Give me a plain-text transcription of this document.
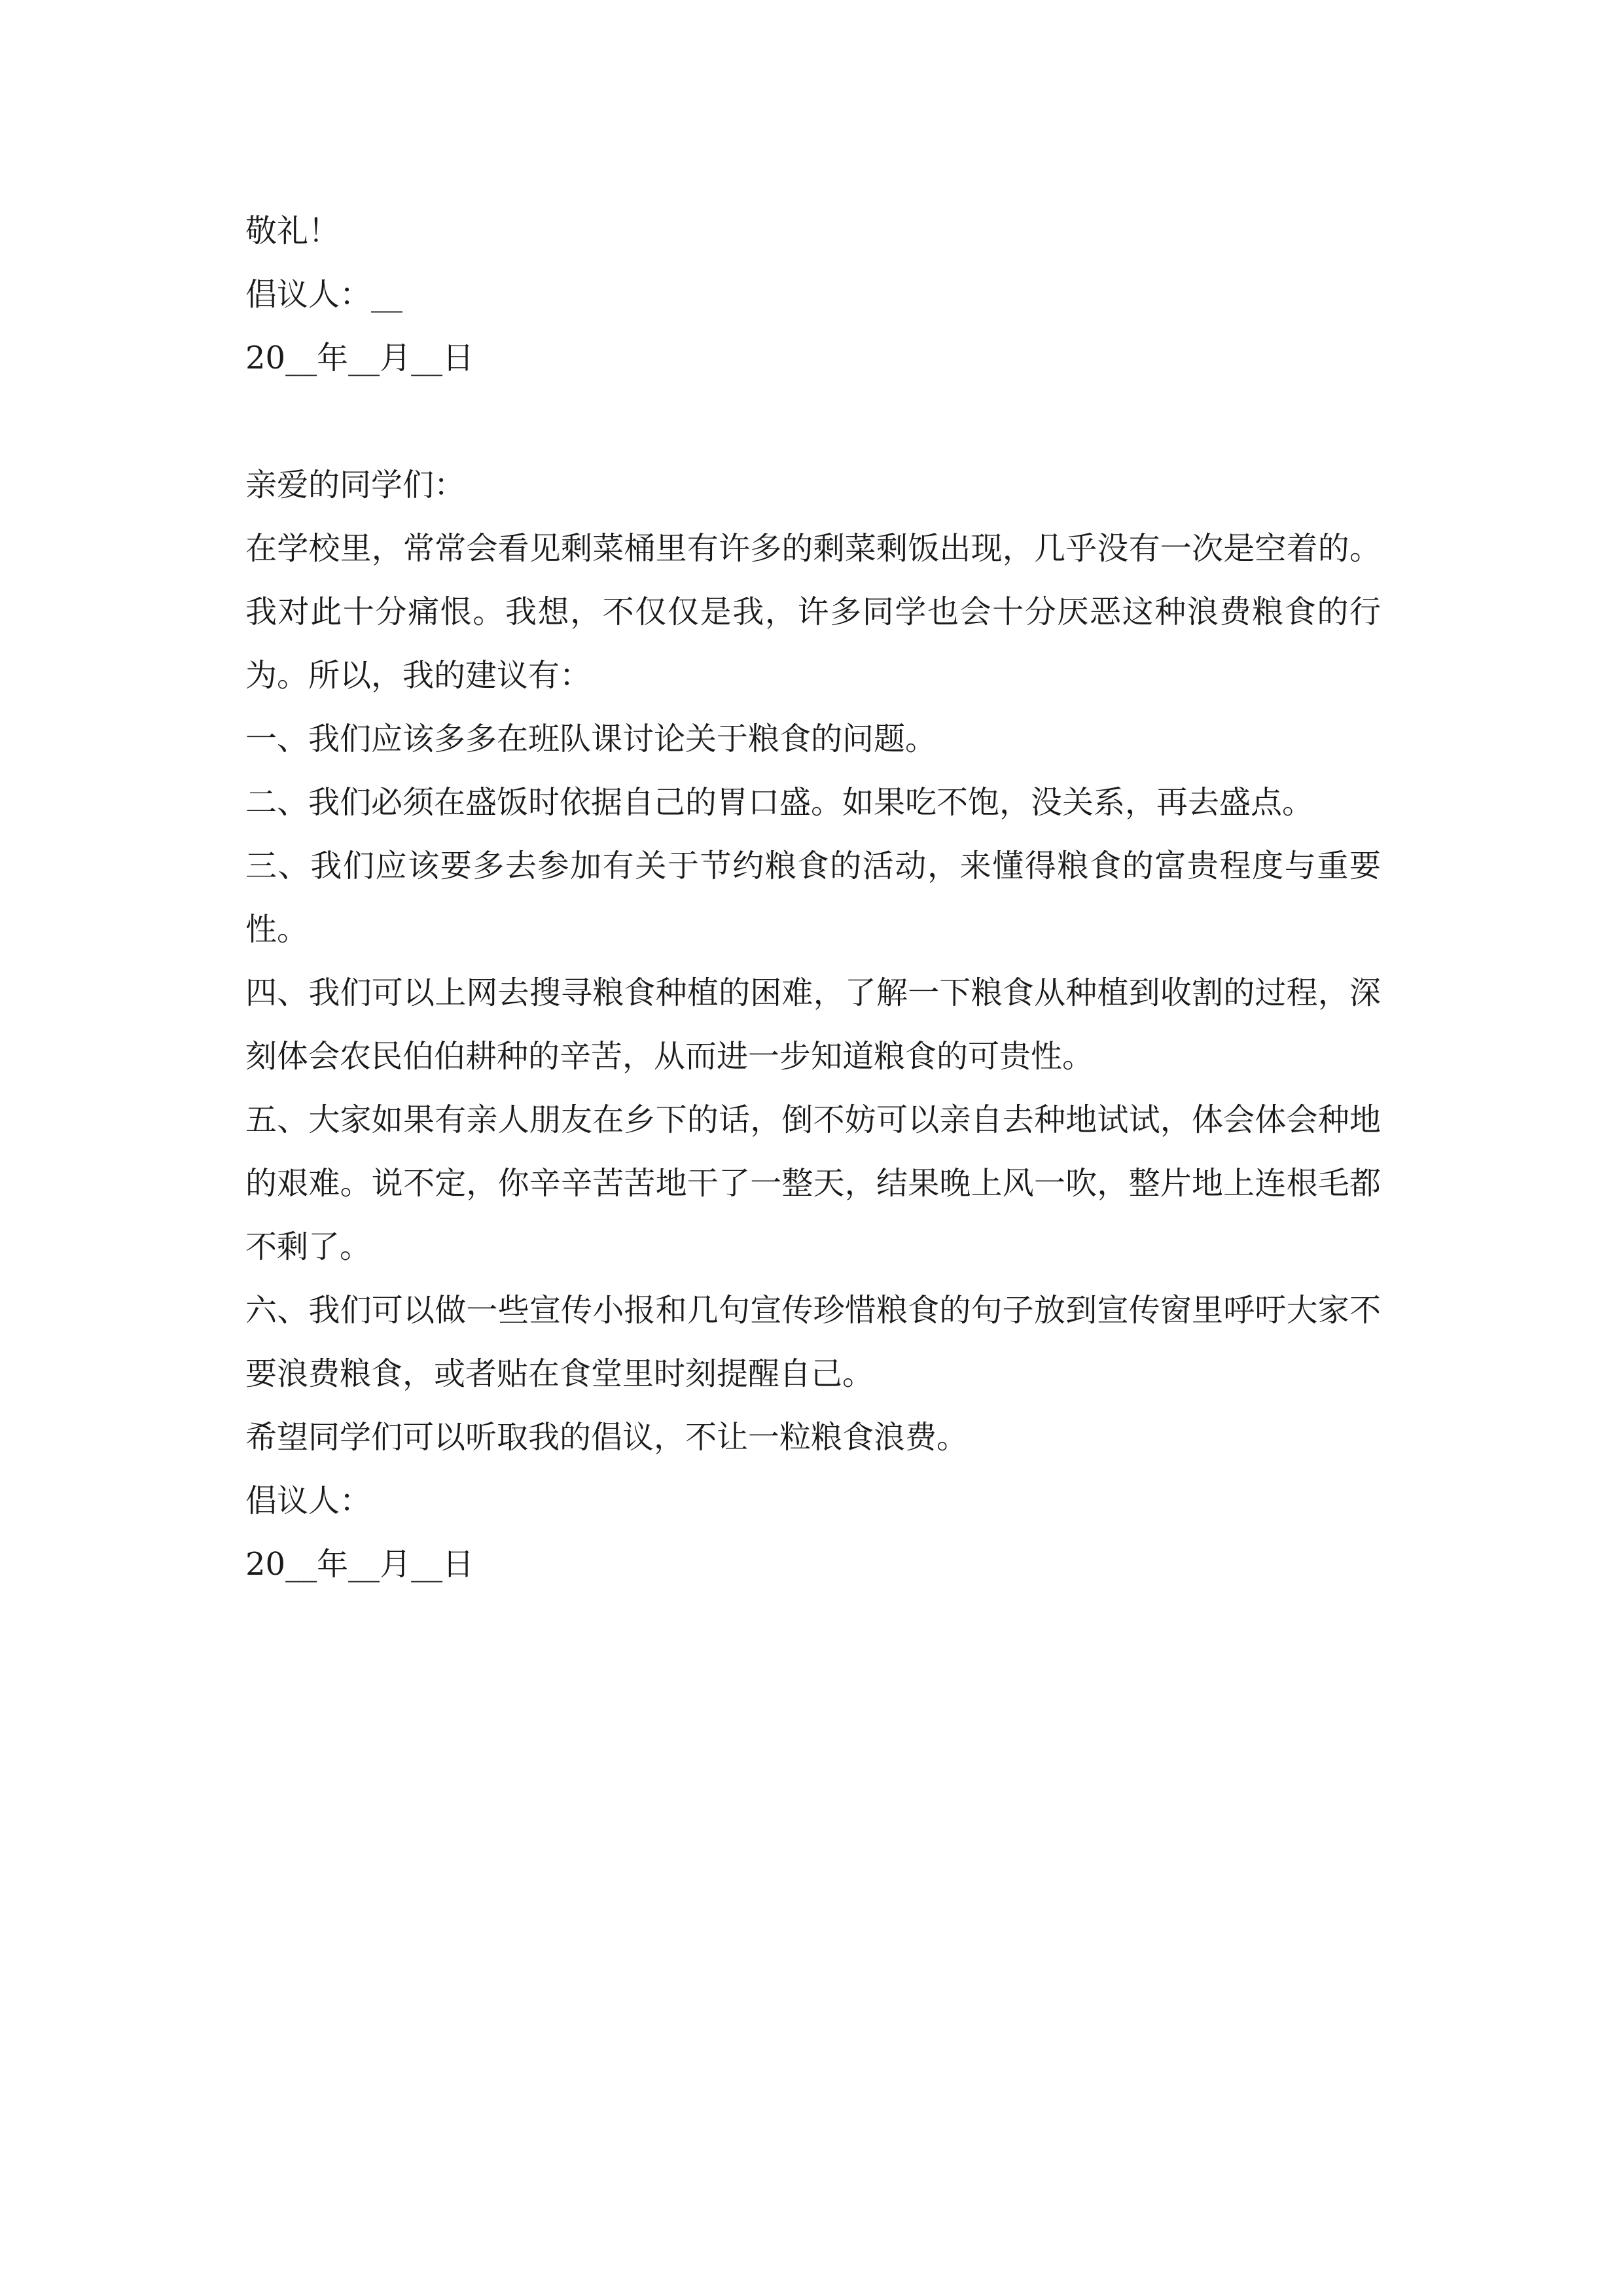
敬礼！

倡议人：__

20__年__月__日

亲爱的同学们：

在学校里，常常会看见剩菜桶里有许多的剩菜剩饭出现，几乎没有一次是空着的。我对此十分痛恨。我想，不仅仅是我，许多同学也会十分厌恶这种浪费粮食的行为。所以，我的建议有：

一、我们应该多多在班队课讨论关于粮食的问题。

二、我们必须在盛饭时依据自己的胃口盛。如果吃不饱，没关系，再去盛点。

三、我们应该要多去参加有关于节约粮食的活动，来懂得粮食的富贵程度与重要性。

四、我们可以上网去搜寻粮食种植的困难，了解一下粮食从种植到收割的过程，深刻体会农民伯伯耕种的辛苦，从而进一步知道粮食的可贵性。

五、大家如果有亲人朋友在乡下的话，倒不妨可以亲自去种地试试，体会体会种地的艰难。说不定，你辛辛苦苦地干了一整天，结果晚上风一吹，整片地上连根毛都不剩了。

六、我们可以做一些宣传小报和几句宣传珍惜粮食的句子放到宣传窗里呼吁大家不要浪费粮食，或者贴在食堂里时刻提醒自己。

希望同学们可以听取我的倡议，不让一粒粮食浪费。

倡议人：

20__年__月__日
